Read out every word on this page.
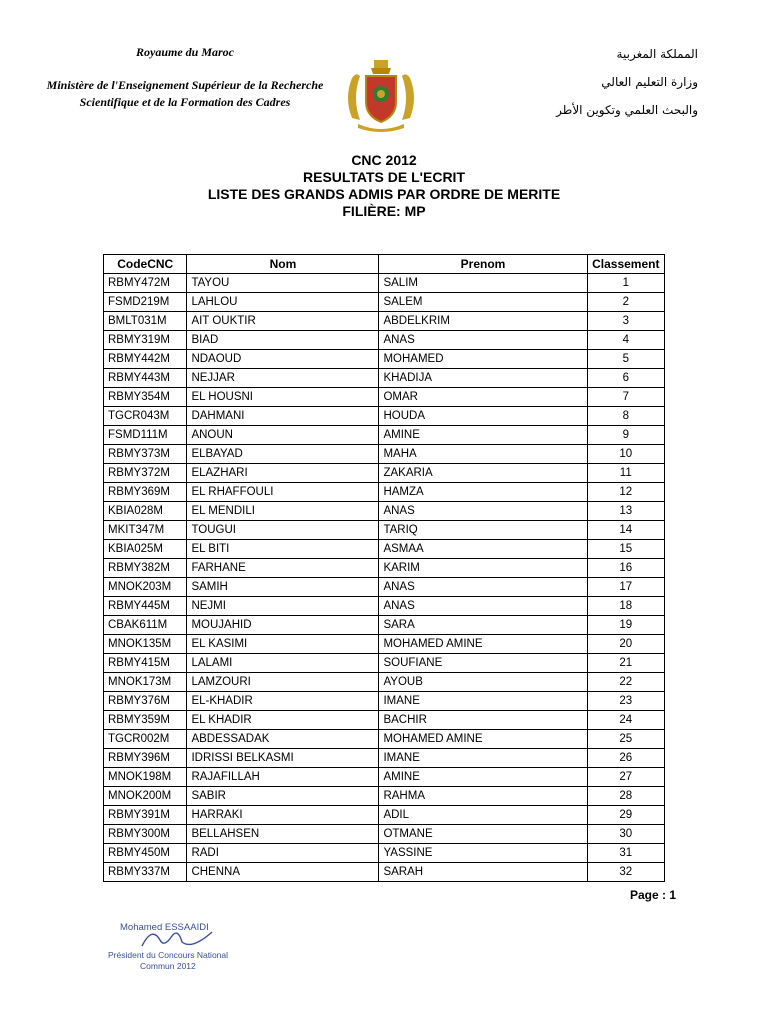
Royaume du Maroc
Ministère de l'Enseignement Supérieur de la Recherche Scientifique et de la Formation des Cadres
المملكة المغربية
وزارة التعليم العالي
والبحث العلمي وتكوين الأطر
CNC 2012
RESULTATS DE L'ECRIT
LISTE DES GRANDS ADMIS PAR ORDRE DE MERITE
FILIÈRE: MP
CodeCNC	Nom	Prenom	Classement
RBMY472M	TAYOU	SALIM	1
FSMD219M	LAHLOU	SALEM	2
BMLT031M	AIT OUKTIR	ABDELKRIM	3
RBMY319M	BIAD	ANAS	4
RBMY442M	NDAOUD	MOHAMED	5
RBMY443M	NEJJAR	KHADIJA	6
RBMY354M	EL HOUSNI	OMAR	7
TGCR043M	DAHMANI	HOUDA	8
FSMD111M	ANOUN	AMINE	9
RBMY373M	ELBAYAD	MAHA	10
RBMY372M	ELAZHARI	ZAKARIA	11
RBMY369M	EL RHAFFOULI	HAMZA	12
KBIA028M	EL MENDILI	ANAS	13
MKIT347M	TOUGUI	TARIQ	14
KBIA025M	EL BITI	ASMAA	15
RBMY382M	FARHANE	KARIM	16
MNOK203M	SAMIH	ANAS	17
RBMY445M	NEJMI	ANAS	18
CBAK611M	MOUJAHID	SARA	19
MNOK135M	EL KASIMI	MOHAMED AMINE	20
RBMY415M	LALAMI	SOUFIANE	21
MNOK173M	LAMZOURI	AYOUB	22
RBMY376M	EL-KHADIR	IMANE	23
RBMY359M	EL KHADIR	BACHIR	24
TGCR002M	ABDESSADAK	MOHAMED AMINE	25
RBMY396M	IDRISSI BELKASMI	IMANE	26
MNOK198M	RAJAFILLAH	AMINE	27
MNOK200M	SABIR	RAHMA	28
RBMY391M	HARRAKI	ADIL	29
RBMY300M	BELLAHSEN	OTMANE	30
RBMY450M	RADI	YASSINE	31
RBMY337M	CHENNA	SARAH	32
Page : 1
Mohamed ESSAAIDI
Président du Concours National
Commun 2012
